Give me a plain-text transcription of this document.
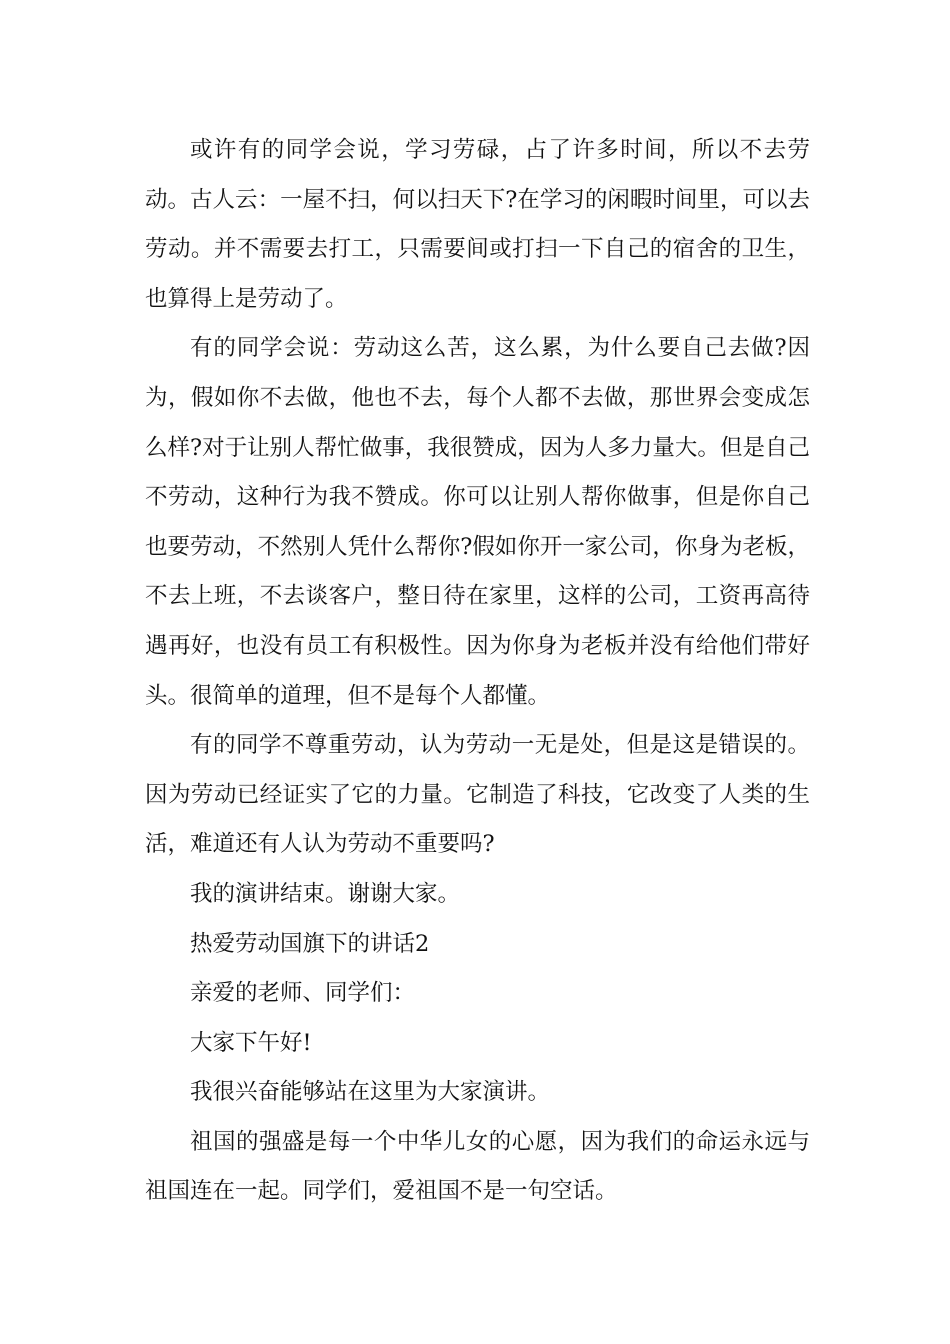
或许有的同学会说，学习劳碌，占了许多时间，所以不去劳动。古人云：一屋不扫，何以扫天下?在学习的闲暇时间里，可以去劳动。并不需要去打工，只需要间或打扫一下自己的宿舍的卫生，也算得上是劳动了。

有的同学会说：劳动这么苦，这么累，为什么要自己去做?因为，假如你不去做，他也不去，每个人都不去做，那世界会变成怎么样?对于让别人帮忙做事，我很赞成，因为人多力量大。但是自己不劳动，这种行为我不赞成。你可以让别人帮你做事，但是你自己也要劳动，不然别人凭什么帮你?假如你开一家公司，你身为老板，不去上班，不去谈客户，整日待在家里，这样的公司，工资再高待遇再好，也没有员工有积极性。因为你身为老板并没有给他们带好头。很简单的道理，但不是每个人都懂。

有的同学不尊重劳动，认为劳动一无是处，但是这是错误的。因为劳动已经证实了它的力量。它制造了科技，它改变了人类的生活，难道还有人认为劳动不重要吗?

我的演讲结束。谢谢大家。

热爱劳动国旗下的讲话2

亲爱的老师、同学们：

大家下午好!

我很兴奋能够站在这里为大家演讲。

祖国的强盛是每一个中华儿女的心愿，因为我们的命运永远与祖国连在一起。同学们，爱祖国不是一句空话。
